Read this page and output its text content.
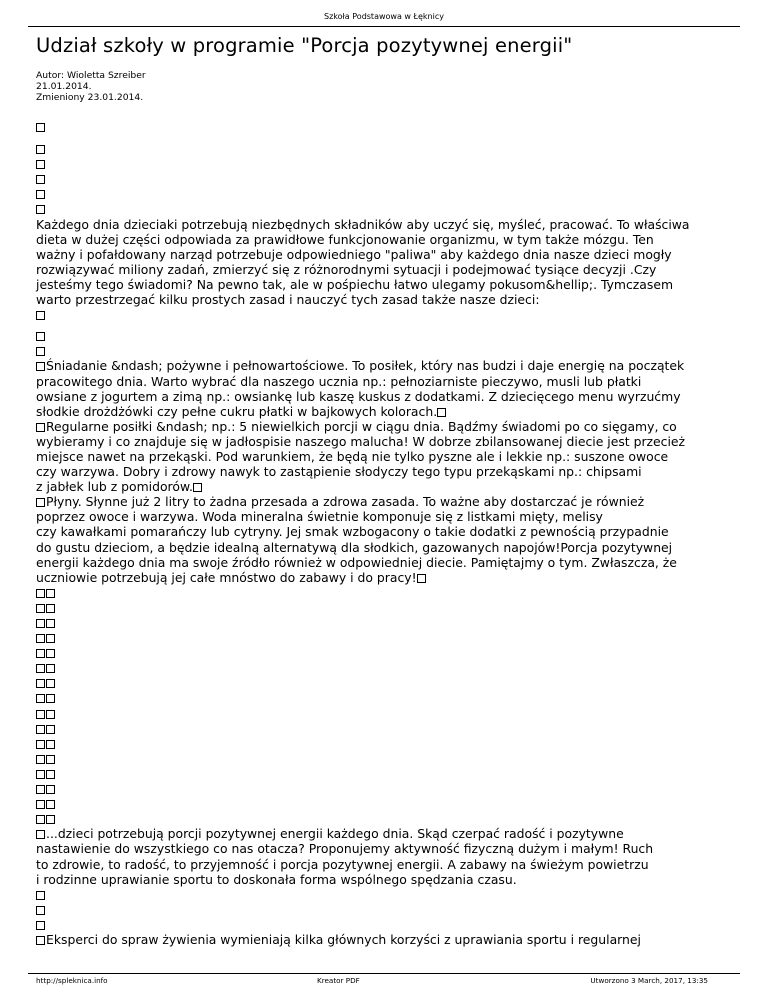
Szkoła Podstawowa w Łęknicy
Udział szkoły w programie "Porcja pozytywnej energii"
Autor: Wioletta Szreiber
21.01.2014.
Zmieniony 23.01.2014.
Każdego dnia dzieciaki potrzebują niezbędnych składników aby uczyć się, myśleć, pracować. To właściwa
dieta w dużej części odpowiada za prawidłowe funkcjonowanie organizmu, w tym także mózgu. Ten
ważny i pofałdowany narząd potrzebuje odpowiedniego "paliwa" aby każdego dnia nasze dzieci mogły
rozwiązywać miliony zadań, zmierzyć się z różnorodnymi sytuacji i podejmować tysiące decyzji .Czy
jesteśmy tego świadomi? Na pewno tak, ale w pośpiechu łatwo ulegamy pokusom&hellip;. Tymczasem
warto przestrzegać kilku prostych zasad i nauczyć tych zasad także nasze dzieci:
Śniadanie &ndash; pożywne i pełnowartościowe. To posiłek, który nas budzi i daje energię na początek
pracowitego dnia. Warto wybrać dla naszego ucznia np.: pełnoziarniste pieczywo, musli lub płatki
owsiane z jogurtem a zimą np.: owsiankę lub kaszę kuskus z dodatkami. Z dziecięcego menu wyrzućmy
słodkie drożdżówki czy pełne cukru płatki w bajkowych kolorach.
Regularne posiłki &ndash; np.: 5 niewielkich porcji w ciągu dnia. Bądźmy świadomi po co sięgamy, co
wybieramy i co znajduje się w jadłospisie naszego malucha! W dobrze zbilansowanej diecie jest przecież
miejsce nawet na przekąski. Pod warunkiem, że będą nie tylko pyszne ale i lekkie np.: suszone owoce
czy warzywa. Dobry i zdrowy nawyk to zastąpienie słodyczy tego typu przekąskami np.: chipsami
z jabłek lub z pomidorów.
Płyny. Słynne już 2 litry to żadna przesada a zdrowa zasada. To ważne aby dostarczać je również
poprzez owoce i warzywa. Woda mineralna świetnie komponuje się z listkami mięty, melisy
czy kawałkami pomarańczy lub cytryny. Jej smak wzbogacony o takie dodatki z pewnością przypadnie
do gustu dzieciom, a będzie idealną alternatywą dla słodkich, gazowanych napojów!Porcja pozytywnej
energii każdego dnia ma swoje źródło również w odpowiedniej diecie. Pamiętajmy o tym. Zwłaszcza, że
uczniowie potrzebują jej całe mnóstwo do zabawy i do pracy!
...dzieci potrzebują porcji pozytywnej energii każdego dnia. Skąd czerpać radość i pozytywne
nastawienie do wszystkiego co nas otacza? Proponujemy aktywność fizyczną dużym i małym! Ruch
to zdrowie, to radość, to przyjemność i porcja pozytywnej energii. A zabawy na świeżym powietrzu
i rodzinne uprawianie sportu to doskonała forma wspólnego spędzania czasu.
Eksperci do spraw żywienia wymieniają kilka głównych korzyści z uprawiania sportu i regularnej
http://spleknica.info	Kreator PDF	Utworzono 3 March, 2017, 13:35
